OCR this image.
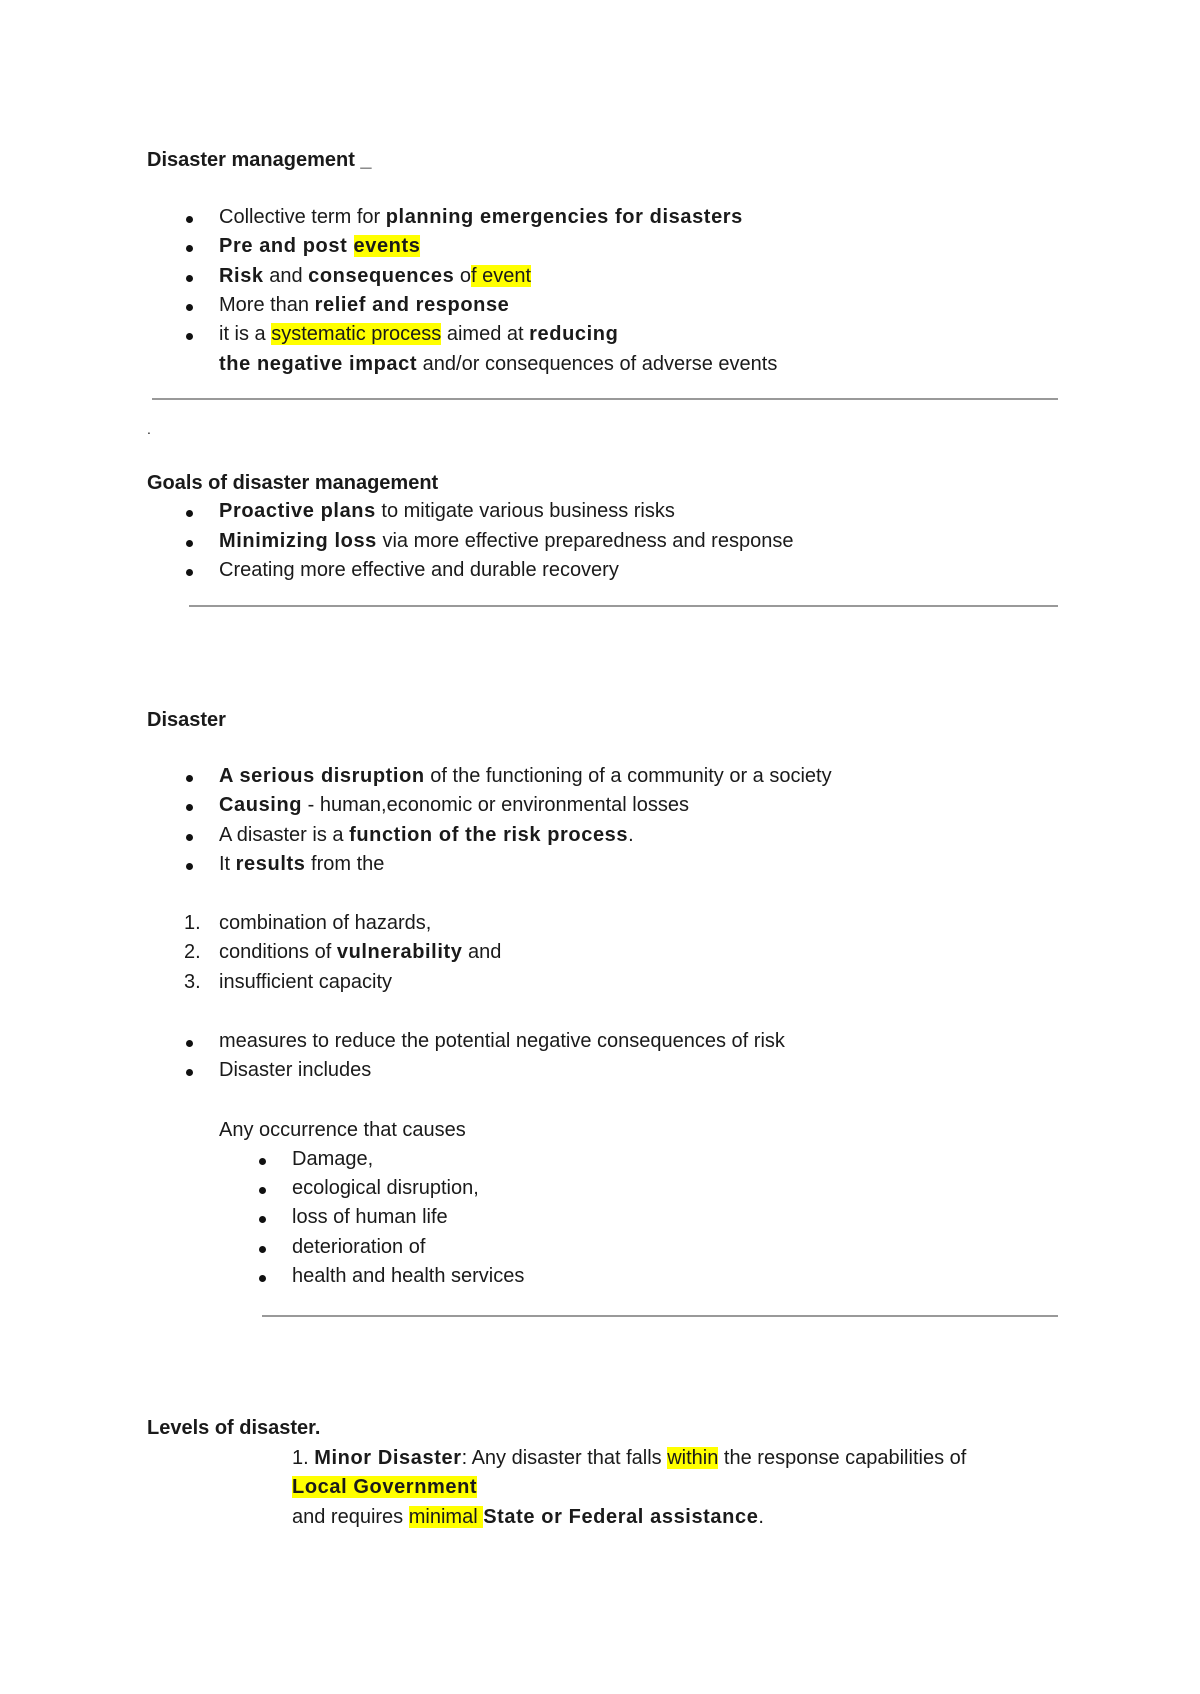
Disaster management _
Collective term for planning emergencies for disasters
Pre and post events
Risk and consequences of event
More than relief and response
it is a systematic process aimed at reducing
the negative impact and/or consequences of adverse events
.
Goals of disaster management
Proactive plans to mitigate various business risks
Minimizing loss via more effective preparedness and response
Creating more effective and durable recovery
Disaster
A serious disruption of the functioning of a community or a society
Causing - human,economic or environmental losses
A disaster is a function of the risk process.
It results from the
1. combination of hazards,
2. conditions of vulnerability and
3. insufficient capacity
measures to reduce the potential negative consequences of risk
Disaster includes
Any occurrence that causes
Damage,
ecological disruption,
loss of human life
deterioration of
health and health services
Levels of disaster.
1. Minor Disaster: Any disaster that falls within the response capabilities of
Local Government
and requires minimal State or Federal assistance.
